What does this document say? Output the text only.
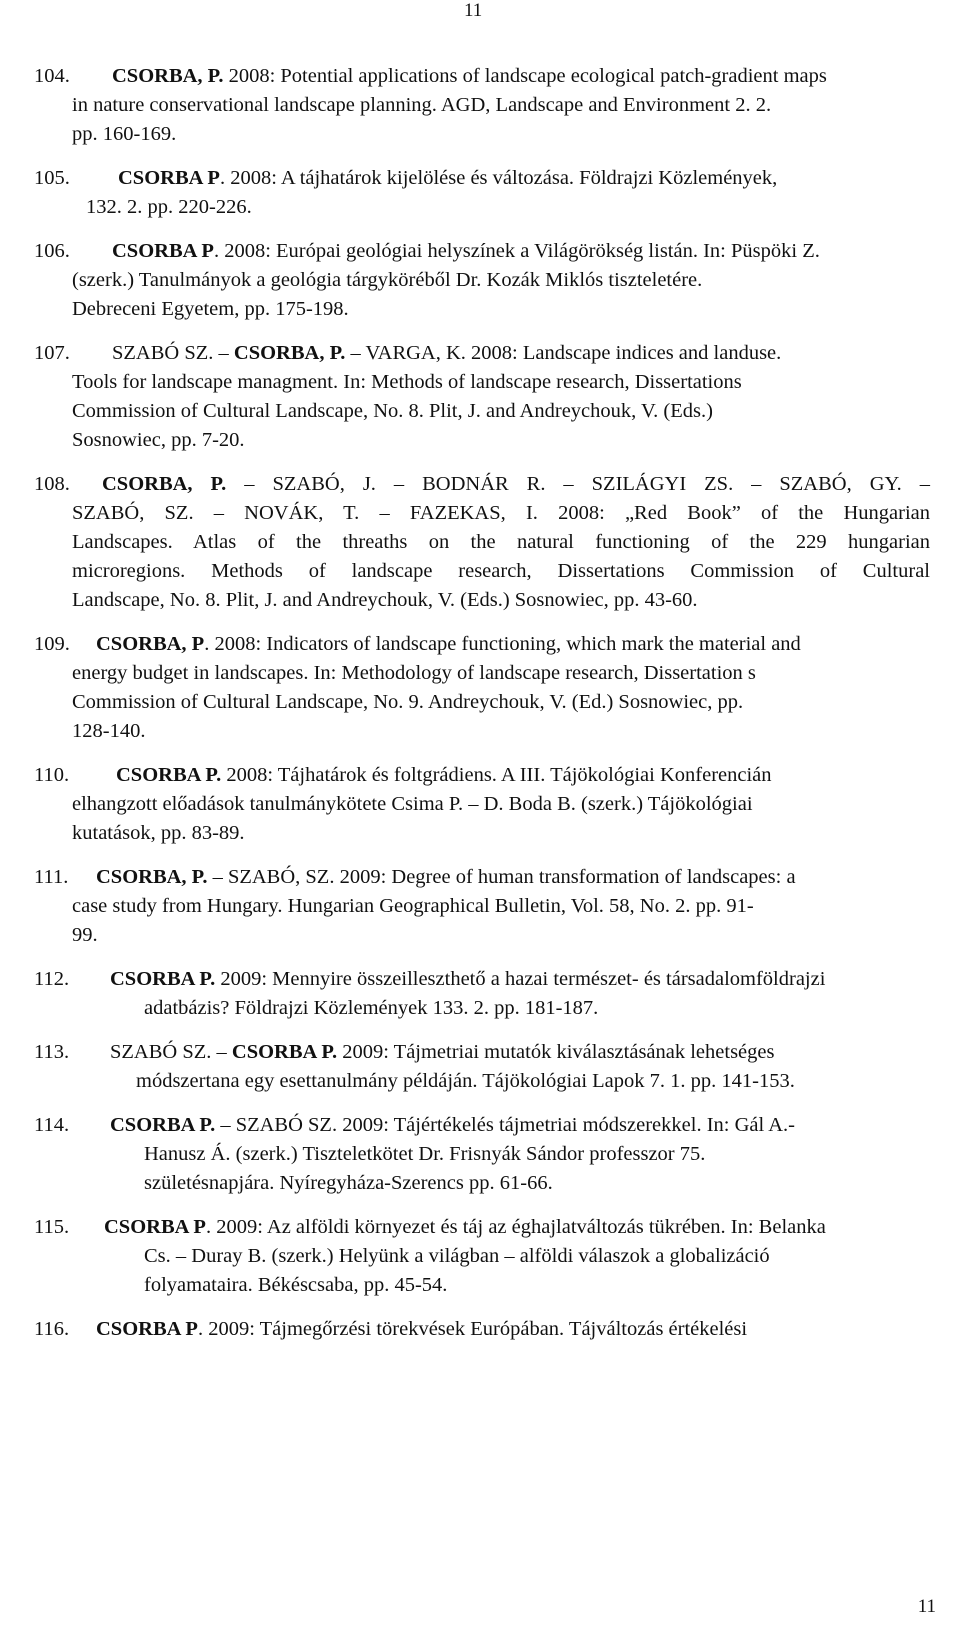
11
104.	CSORBA, P. 2008: Potential applications of landscape ecological patch-gradient maps
in nature conservational landscape planning. AGD, Landscape and Environment 2. 2.
pp. 160-169.
105.	CSORBA P. 2008: A tájhatárok kijelölése és változása. Földrajzi Közlemények,
132. 2. pp. 220-226.
106.	CSORBA P. 2008: Európai geológiai helyszínek a Világörökség listán. In: Püspöki Z.
(szerk.) Tanulmányok a geológia tárgyköréből Dr. Kozák Miklós tiszteletére.
Debreceni Egyetem, pp. 175-198.
107.	SZABÓ SZ. – CSORBA, P. – VARGA, K. 2008: Landscape indices and landuse.
Tools for landscape managment. In: Methods of landscape research, Dissertations
Commission of Cultural Landscape, No. 8. Plit, J. and Andreychouk, V. (Eds.)
Sosnowiec, pp. 7-20.
108.	CSORBA, P. – SZABÓ, J. – BODNÁR R. – SZILÁGYI ZS. – SZABÓ, GY. –
SZABÓ, SZ. – NOVÁK, T. – FAZEKAS, I. 2008: „Red Book” of the Hungarian
Landscapes. Atlas of the threaths on the natural functioning of the 229 hungarian
microregions. Methods of landscape research, Dissertations Commission of Cultural
Landscape, No. 8. Plit, J. and Andreychouk, V. (Eds.) Sosnowiec, pp. 43-60.
109.	CSORBA, P. 2008: Indicators of landscape functioning, which mark the material and
energy budget in landscapes. In: Methodology of landscape research, Dissertation s
Commission of Cultural Landscape, No. 9. Andreychouk, V. (Ed.) Sosnowiec, pp.
128-140.
110.	CSORBA P. 2008: Tájhatárok és foltgrádiens. A III. Tájökológiai Konferencián
elhangzott előadások tanulmánykötete Csima P. – D. Boda B. (szerk.) Tájökológiai
kutatások, pp. 83-89.
111.	CSORBA, P. – SZABÓ, SZ. 2009: Degree of human transformation of landscapes: a
case study from Hungary. Hungarian Geographical Bulletin, Vol. 58, No. 2. pp. 91-
99.
112.	CSORBA P. 2009: Mennyire összeilleszthető a hazai természet- és társadalomföldrajzi
adatbázis? Földrajzi Közlemények 133. 2. pp. 181-187.
113.	SZABÓ SZ. – CSORBA P. 2009: Tájmetriai mutatók kiválasztásának lehetséges
módszertana egy esettanulmány példáján. Tájökológiai Lapok 7. 1. pp. 141-153.
114.	CSORBA P. – SZABÓ SZ. 2009: Tájértékelés tájmetriai módszerekkel. In: Gál A.-
Hanusz Á. (szerk.) Tiszteletkötet Dr. Frisnyák Sándor professzor 75.
születésnapjára. Nyíregyháza-Szerencs pp. 61-66.
115.	CSORBA P. 2009: Az alföldi környezet és táj az éghajlatváltozás tükrében. In: Belanka
Cs. – Duray B. (szerk.) Helyünk a világban – alföldi válaszok a globalizáció
folyamataira. Békéscsaba, pp. 45-54.
116.	CSORBA P. 2009: Tájmegőrzési törekvések Európában. Tájváltozás értékelési
11
